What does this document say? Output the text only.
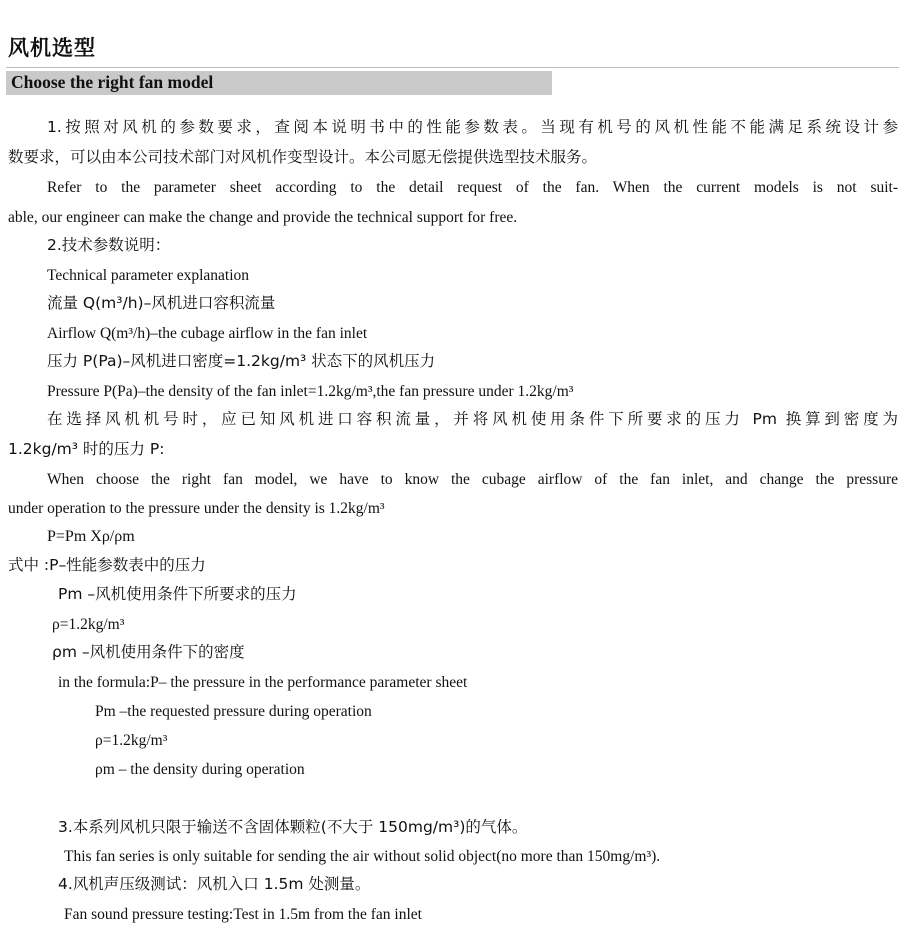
风机选型
Choose the right fan model
1.按照对风机的参数要求，查阅本说明书中的性能参数表。当现有机号的风机性能不能满足系统设计参
数要求，可以由本公司技术部门对风机作变型设计。本公司愿无偿提供选型技术服务。
Refer to the parameter sheet according to the detail request of the fan. When the current models is not suit-
able, our engineer can make the change and provide the technical support for free.
2.技术参数说明：
Technical parameter explanation
流量 Q(m³/h)–风机进口容积流量
Airflow Q(m³/h)–the cubage airflow in the fan inlet
压力 P(Pa)–风机进口密度=1.2kg/m³ 状态下的风机压力
Pressure P(Pa)–the density of the fan inlet=1.2kg/m³,the fan pressure under 1.2kg/m³
在选择风机机号时，应已知风机进口容积流量，并将风机使用条件下所要求的压力 Pm 换算到密度为
1.2kg/m³ 时的压力 P:
When choose the right fan model, we have to know the cubage airflow of the fan inlet, and change the pressure
under operation to the pressure under the density is 1.2kg/m³
P=Pm Xρ/ρm
式中 :P–性能参数表中的压力
Pm –风机使用条件下所要求的压力
ρ=1.2kg/m³
ρm –风机使用条件下的密度
in the formula:P– the pressure in the performance parameter sheet
Pm –the requested pressure during operation
ρ=1.2kg/m³
ρm – the density during operation
3.本系列风机只限于输送不含固体颗粒(不大于 150mg/m³)的气体。
This fan series is only suitable for sending the air without solid object(no more than 150mg/m³).
4.风机声压级测试：风机入口 1.5m 处测量。
Fan sound pressure testing:Test in 1.5m from the fan inlet
